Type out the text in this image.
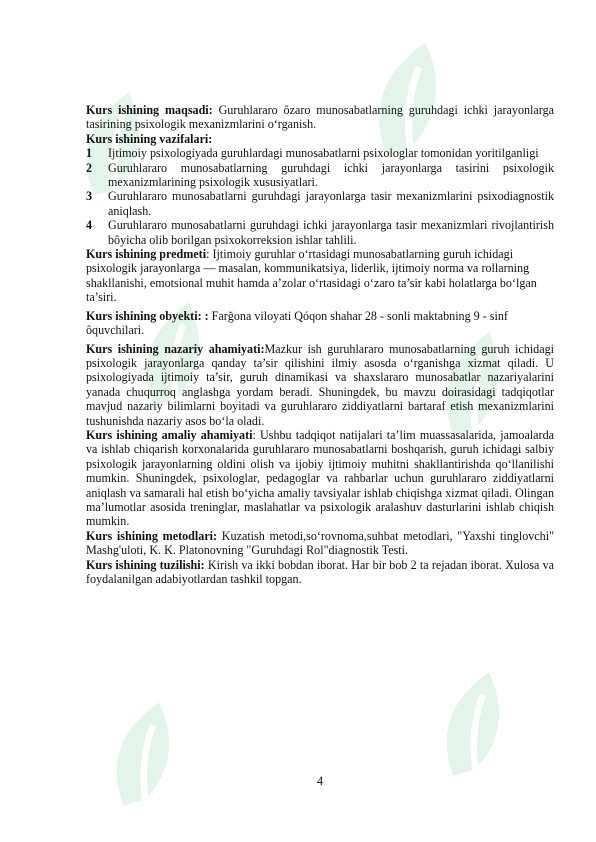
Kurs ishining maqsadi: Guruhlararo ôzaro munosabatlarning guruhdagi ichki jarayonlarga tasirining psixologik mexanizmlarini o‘rganish.

Kurs ishining vazifalari:

1	Ijtimoiy psixologiyada guruhlardagi munosabatlarni psixologlar tomonidan yoritilganligi
2	Guruhlararo munosabatlarning guruhdagi ichki jarayonlarga tasirini psixologik mexanizmlarining psixologik xususiyatlari.
3	Guruhlararo munosabatlarni guruhdagi jarayonlarga tasir mexanizmlarini psixodiagnostik aniqlash.
4	Guruhlararo munosabatlarni guruhdagi ichki jarayonlarga tasir mexanizmlari rivojlantirish bôyicha olib borilgan psixokorreksion ishlar tahlili.

Kurs ishining predmeti: Ijtimoiy guruhlar o‘rtasidagi munosabatlarning guruh ichidagi psixologik jarayonlarga — masalan, kommunikatsiya, liderlik, ijtimoiy norma va rollarning shakllanishi, emotsional muhit hamda a’zolar o‘rtasidagi o‘zaro ta’sir kabi holatlarga bo‘lgan ta’siri.

Kurs ishining obyekti: : Farğona viloyati Qóqon shahar 28 - sonli maktabning 9 - sinf ôquvchilari.

Kurs ishining nazariy ahamiyati:Mazkur ish guruhlararo munosabatlarning guruh ichidagi psixologik jarayonlarga qanday ta’sir qilishini ilmiy asosda o‘rganishga xizmat qiladi. U psixologiyada ijtimoiy ta’sir, guruh dinamikasi va shaxslararo munosabatlar nazariyalarini yanada chuqurroq anglashga yordam beradi. Shuningdek, bu mavzu doirasidagi tadqiqotlar mavjud nazariy bilimlarni boyitadi va guruhlararo ziddiyatlarni bartaraf etish mexanizmlarini tushunishda nazariy asos bo‘la oladi.

Kurs ishining amaliy ahamiyati: Ushbu tadqiqot natijalari ta’lim muassasalarida, jamoalarda va ishlab chiqarish korxonalarida guruhlararo munosabatlarni boshqarish, guruh ichidagi salbiy psixologik jarayonlarning oldini olish va ijobiy ijtimoiy muhitni shakllantirishda qo‘llanilishi mumkin. Shuningdek, psixologlar, pedagoglar va rahbarlar uchun guruhlararo ziddiyatlarni aniqlash va samarali hal etish bo‘yicha amaliy tavsiyalar ishlab chiqishga xizmat qiladi. Olingan ma’lumotlar asosida treninglar, maslahatlar va psixologik aralashuv dasturlarini ishlab chiqish mumkin.

Kurs ishining metodlari: Kuzatish metodi,so‘rovnoma,suhbat metodlari, "Yaxshi tinglovchi" Mashg'uloti, K. K. Platonovning "Guruhdagi Rol"diagnostik Testi.

Kurs ishining tuzilishi: Kirish va ikki bobdan iborat. Har bir bob 2 ta rejadan iborat. Xulosa va foydalanilgan adabiyotlardan tashkil topgan.

4
